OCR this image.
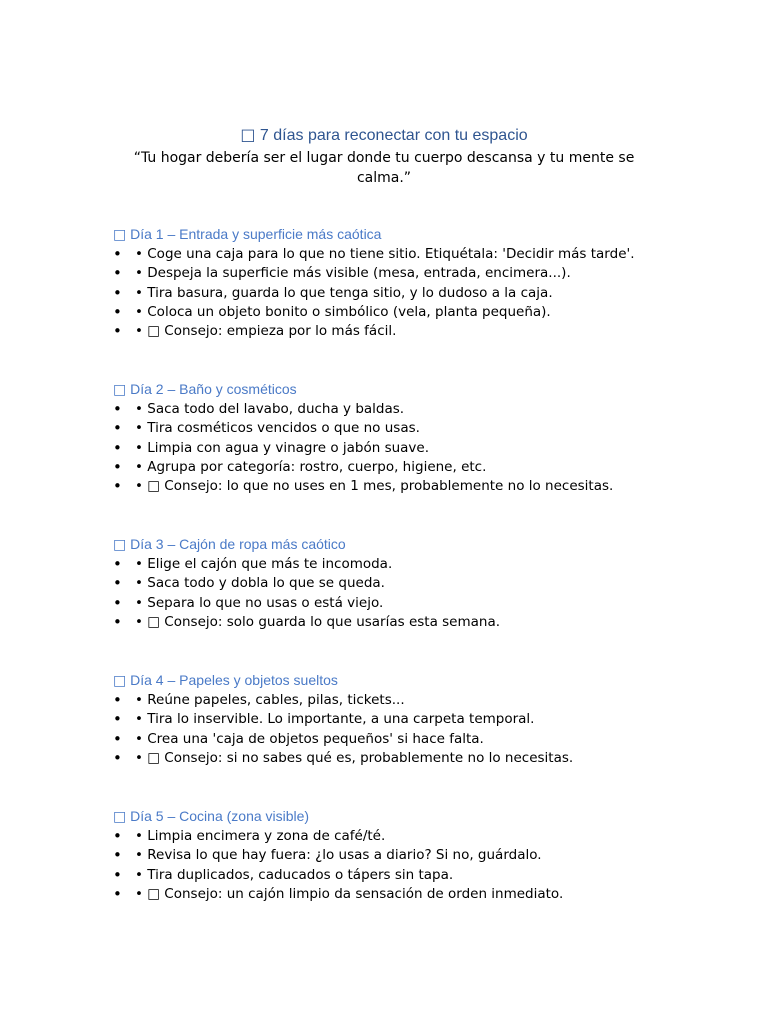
□ 7 días para reconectar con tu espacio
“Tu hogar debería ser el lugar donde tu cuerpo descansa y tu mente se calma.”
□ Día 1 – Entrada y superficie más caótica
• • Coge una caja para lo que no tiene sitio. Etiquétala: 'Decidir más tarde'.
• • Despeja la superficie más visible (mesa, entrada, encimera...).
• • Tira basura, guarda lo que tenga sitio, y lo dudoso a la caja.
• • Coloca un objeto bonito o simbólico (vela, planta pequeña).
• • □ Consejo: empieza por lo más fácil.
□ Día 2 – Baño y cosméticos
• • Saca todo del lavabo, ducha y baldas.
• • Tira cosméticos vencidos o que no usas.
• • Limpia con agua y vinagre o jabón suave.
• • Agrupa por categoría: rostro, cuerpo, higiene, etc.
• • □ Consejo: lo que no uses en 1 mes, probablemente no lo necesitas.
□ Día 3 – Cajón de ropa más caótico
• • Elige el cajón que más te incomoda.
• • Saca todo y dobla lo que se queda.
• • Separa lo que no usas o está viejo.
• • □ Consejo: solo guarda lo que usarías esta semana.
□ Día 4 – Papeles y objetos sueltos
• • Reúne papeles, cables, pilas, tickets...
• • Tira lo inservible. Lo importante, a una carpeta temporal.
• • Crea una 'caja de objetos pequeños' si hace falta.
• • □ Consejo: si no sabes qué es, probablemente no lo necesitas.
□ Día 5 – Cocina (zona visible)
• • Limpia encimera y zona de café/té.
• • Revisa lo que hay fuera: ¿lo usas a diario? Si no, guárdalo.
• • Tira duplicados, caducados o tápers sin tapa.
• • □ Consejo: un cajón limpio da sensación de orden inmediato.
